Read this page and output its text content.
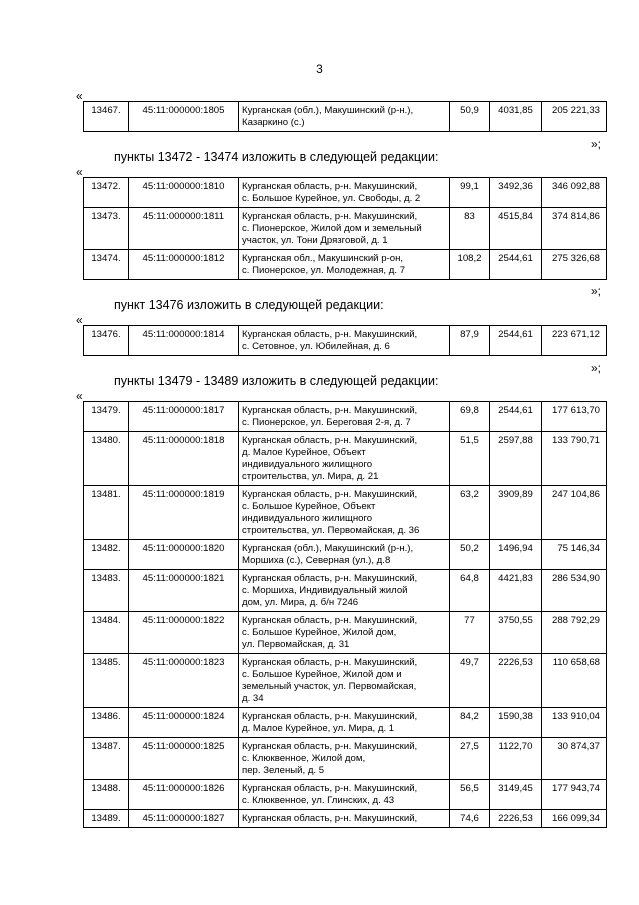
3
«
13467.	45:11:000000:1805	Курганская (обл.), Макушинский (р-н.),
Казаркино (с.)
	50,9	4031,85	205 221,33
»;
пункты 13472 - 13474 изложить в следующей редакции:
«
13472.	45:11:000000:1810	Курганская область, р-н. Макушинский,
с. Большое Курейное, ул. Свободы, д. 2	99,1	3492,36	346 092,88
13473.	45:11:000000:1811	Курганская область, р-н. Макушинский,
с. Пионерское, Жилой дом и земельный
участок, ул. Тони Дрязговой, д. 1	83	4515,84	374 814,86
13474.	45:11:000000:1812	Курганская обл., Макушинский р-он,
с. Пионерское, ул. Молодежная, д. 7	108,2	2544,61	275 326,68
»;
пункт 13476 изложить в следующей редакции:
«
13476.	45:11:000000:1814	Курганская область, р-н. Макушинский,
с. Сетовное, ул. Юбилейная, д. 6
	87,9	2544,61	223 671,12
»;
пункты 13479 - 13489 изложить в следующей редакции:
«
13479.	45:11:000000:1817	Курганская область, р-н. Макушинский,
с. Пионерское, ул. Береговая 2-я, д. 7	69,8	2544,61	177 613,70
13480.	45:11:000000:1818	Курганская область, р-н. Макушинский,
д. Малое Курейное, Объект
индивидуального жилищного
строительства, ул. Мира, д. 21	51,5	2597,88	133 790,71
13481.	45:11:000000:1819	Курганская область, р-н. Макушинский,
с. Большое Курейное, Объект
индивидуального жилищного
строительства, ул. Первомайская, д. 36	63,2	3909,89	247 104,86
13482.	45:11:000000:1820	Курганская (обл.), Макушинский (р-н.),
Моршиха (с.), Северная (ул.), д.8	50,2	1496,94	75 146,34
13483.	45:11:000000:1821	Курганская область, р-н. Макушинский,
с. Моршиха, Индивидуальный жилой
дом, ул. Мира, д. б/н 7246	64,8	4421,83	286 534,90
13484.	45:11:000000:1822	Курганская область, р-н. Макушинский,
с. Большое Курейное, Жилой дом,
ул. Первомайская, д. 31	77	3750,55	288 792,29
13485.	45:11:000000:1823	Курганская область, р-н. Макушинский,
с. Большое Курейное, Жилой дом и
земельный участок, ул. Первомайская,
д. 34	49,7	2226,53	110 658,68
13486.	45:11:000000:1824	Курганская область, р-н. Макушинский,
д. Малое Курейное, ул. Мира, д. 1	84,2	1590,38	133 910,04
13487.	45:11:000000:1825	Курганская область, р-н. Макушинский,
с. Клюквенное, Жилой дом,
пер. Зеленый, д. 5	27,5	1122,70	30 874,37
13488.	45:11:000000:1826	Курганская область, р-н. Макушинский,
с. Клюквенное, ул. Глинских, д. 43	56,5	3149,45	177 943,74
13489.	45:11:000000:1827	Курганская область, р-н. Макушинский,	74,6	2226,53	166 099,34
